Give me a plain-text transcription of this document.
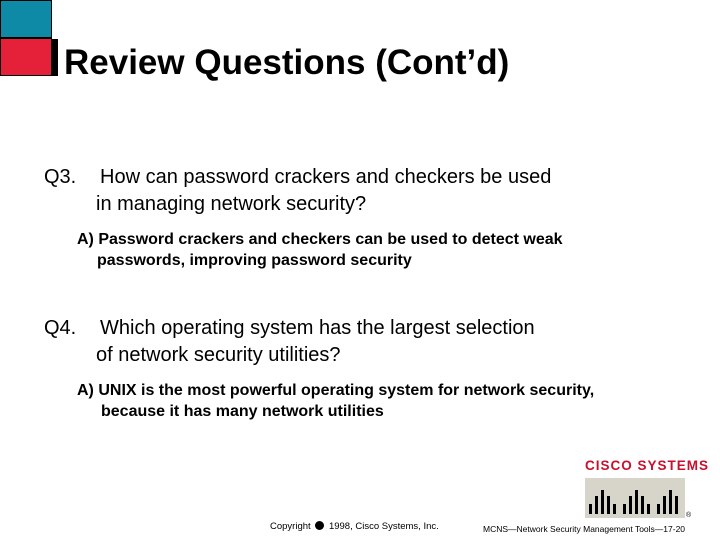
Review Questions (Cont’d)
Q3. How can password crackers and checkers be used
in managing network security?
A) Password crackers and checkers can be used to detect weak
passwords, improving password security
Q4. Which operating system has the largest selection
of network security utilities?
A) UNIX is the most powerful operating system for network security,
because it has many network utilities
CISCO SYSTEMS
®
Copyright 1998, Cisco Systems, Inc.	MCNS—Network Security Management Tools—17-20
